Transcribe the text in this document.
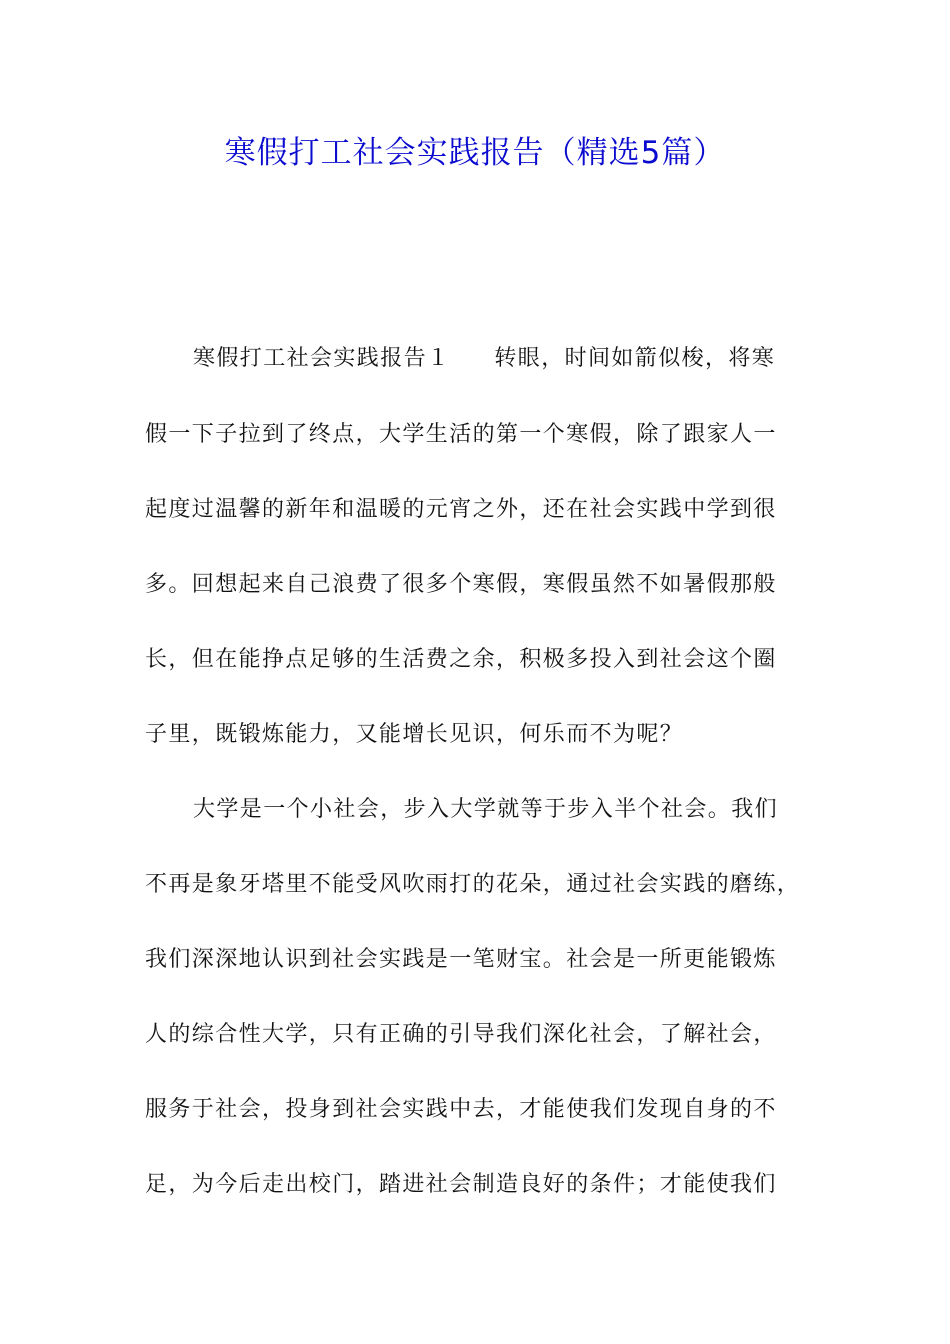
寒假打工社会实践报告（精选5篇）
寒假打工社会实践报告１ 转眼，时间如箭似梭，将寒
假一下子拉到了终点，大学生活的第一个寒假，除了跟家人一
起度过温馨的新年和温暖的元宵之外，还在社会实践中学到很
多。回想起来自己浪费了很多个寒假，寒假虽然不如暑假那般
长，但在能挣点足够的生活费之余，积极多投入到社会这个圈
子里，既锻炼能力，又能增长见识，何乐而不为呢？
大学是一个小社会，步入大学就等于步入半个社会。我们
不再是象牙塔里不能受风吹雨打的花朵，通过社会实践的磨练，
我们深深地认识到社会实践是一笔财宝。社会是一所更能锻炼
人的综合性大学，只有正确的引导我们深化社会，了解社会，
服务于社会，投身到社会实践中去，才能使我们发现自身的不
足，为今后走出校门，踏进社会制造良好的条件；才能使我们
